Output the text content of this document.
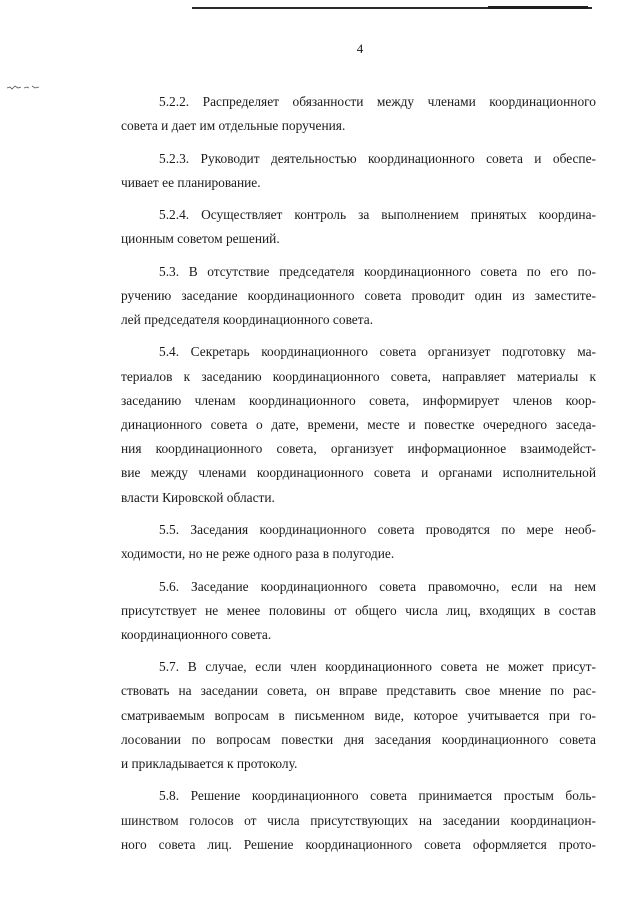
4
5.2.2. Распределяет обязанности между членами координационного
совета и дает им отдельные поручения.
5.2.3. Руководит деятельностью координационного совета и обеспе-
чивает ее планирование.
5.2.4. Осуществляет контроль за выполнением принятых координа-
ционным советом решений.
5.3. В отсутствие председателя координационного совета по его по-
ручению заседание координационного совета проводит один из заместите-
лей председателя координационного совета.
5.4. Секретарь координационного совета организует подготовку ма-
териалов к заседанию координационного совета, направляет материалы к
заседанию членам координационного совета, информирует членов коор-
динационного совета о дате, времени, месте и повестке очередного заседа-
ния координационного совета, организует информационное взаимодейст-
вие между членами координационного совета и органами исполнительной
власти Кировской области.
5.5. Заседания координационного совета проводятся по мере необ-
ходимости, но не реже одного раза в полугодие.
5.6. Заседание координационного совета правомочно, если на нем
присутствует не менее половины от общего числа лиц, входящих в состав
координационного совета.
5.7. В случае, если член координационного совета не может присут-
ствовать на заседании совета, он вправе представить свое мнение по рас-
сматриваемым вопросам в письменном виде, которое учитывается при го-
лосовании по вопросам повестки дня заседания координационного совета
и прикладывается к протоколу.
5.8. Решение координационного совета принимается простым боль-
шинством голосов от числа присутствующих на заседании координацион-
ного совета лиц. Решение координационного совета оформляется прото-
